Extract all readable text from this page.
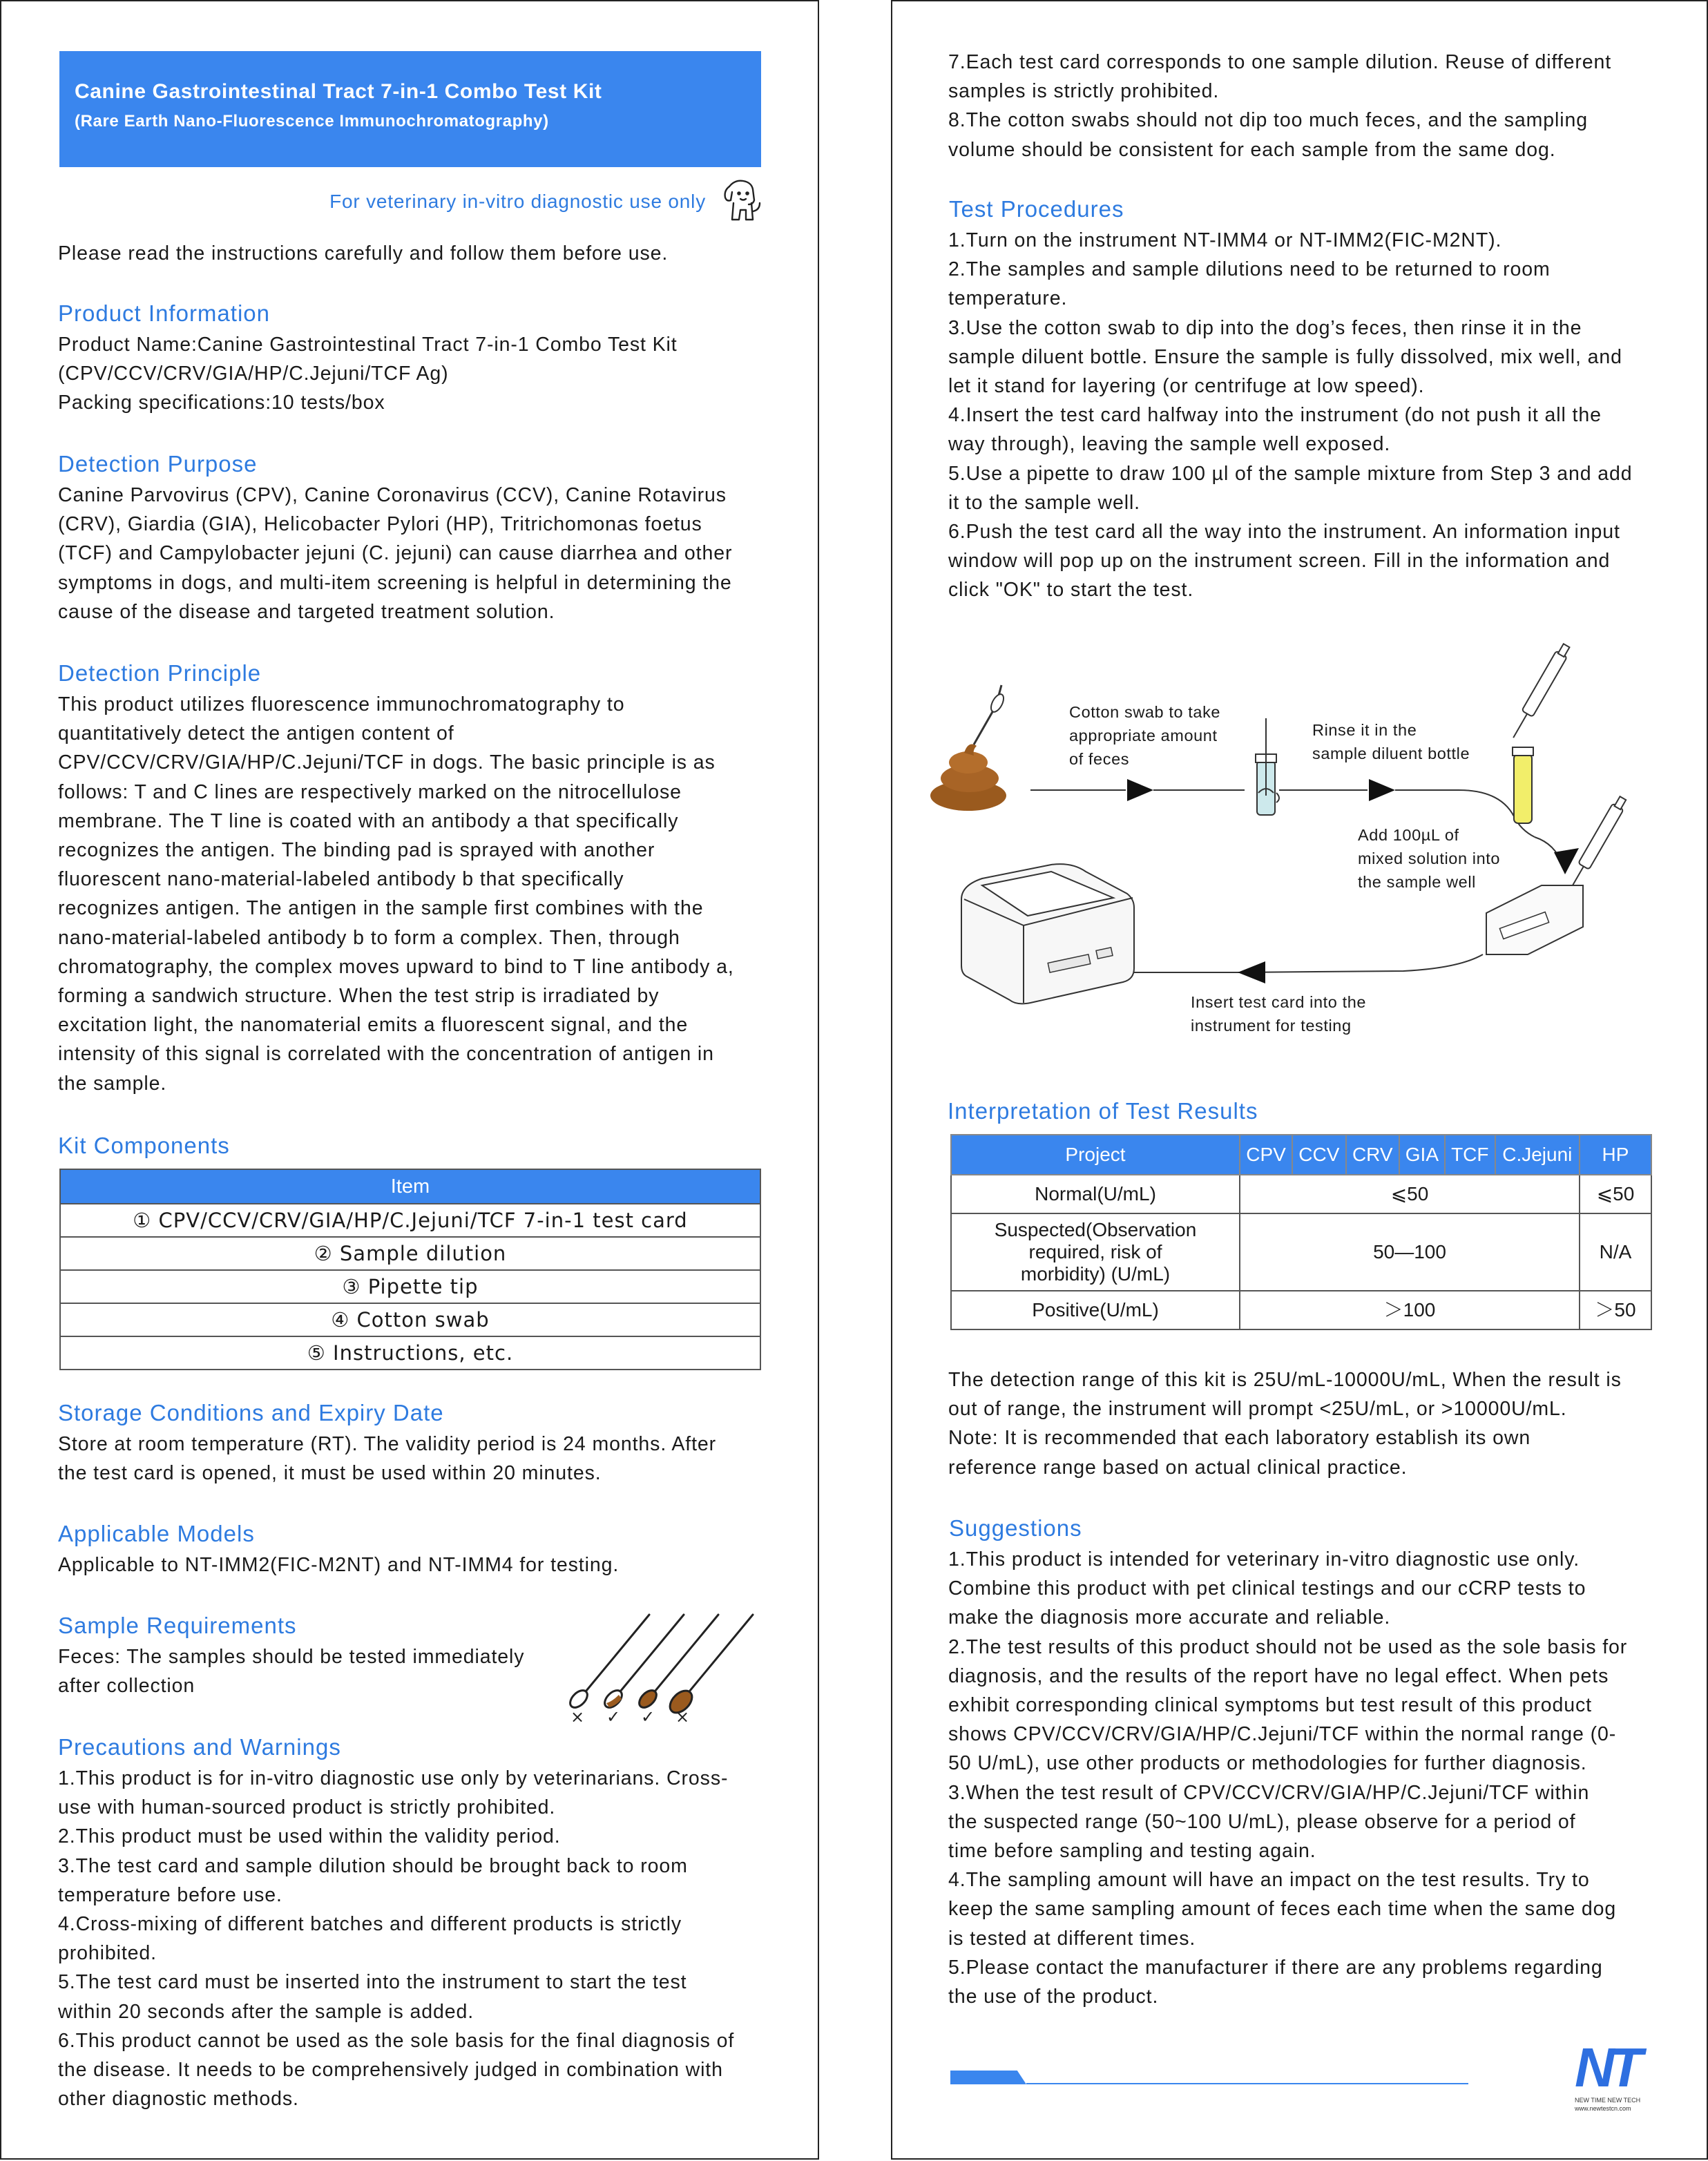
Canine Gastrointestinal Tract 7-in-1 Combo Test Kit
(Rare Earth Nano-Fluorescence Immunochromatography)
For veterinary in-vitro diagnostic use only

Please read the instructions carefully and follow them before use.

Product Information

Product Name:Canine Gastrointestinal Tract 7-in-1 Combo Test Kit
(CPV/CCV/CRV/GIA/HP/C.Jejuni/TCF Ag)
Packing specifications:10 tests/box

Detection Purpose

Canine Parvovirus (CPV), Canine Coronavirus (CCV), Canine Rotavirus
(CRV), Giardia (GIA), Helicobacter Pylori (HP), Tritrichomonas foetus
(TCF) and Campylobacter jejuni (C. jejuni) can cause diarrhea and other
symptoms in dogs, and multi-item screening is helpful in determining the
cause of the disease and targeted treatment solution.

Detection Principle

This product utilizes fluorescence immunochromatography to
quantitatively detect the antigen content of
CPV/CCV/CRV/GIA/HP/C.Jejuni/TCF in dogs. The basic principle is as
follows: T and C lines are respectively marked on the nitrocellulose
membrane. The T line is coated with an antibody a that specifically
recognizes the antigen. The binding pad is sprayed with another
fluorescent nano-material-labeled antibody b that specifically
recognizes antigen. The antigen in the sample first combines with the
nano-material-labeled antibody b to form a complex. Then, through
chromatography, the complex moves upward to bind to T line antibody a,
forming a sandwich structure. When the test strip is irradiated by
excitation light, the nanomaterial emits a fluorescent signal, and the
intensity of this signal is correlated with the concentration of antigen in
the sample.

Kit Components
Item
① CPV/CCV/CRV/GIA/HP/C.Jejuni/TCF 7-in-1 test card
② Sample dilution
③ Pipette tip
④ Cotton swab
⑤ Instructions, etc.
Storage Conditions and Expiry Date

Store at room temperature (RT). The validity period is 24 months. After
the test card is opened, it must be used within 20 minutes.

Applicable Models

Applicable to NT-IMM2(FIC-M2NT) and NT-IMM4 for testing.

Sample Requirements

Feces: The samples should be tested immediately
after collection

× ✓ ✓ ×
Precautions and Warnings

1.This product is for in-vitro diagnostic use only by veterinarians. Cross-
use with human-sourced product is strictly prohibited.
2.This product must be used within the validity period.
3.The test card and sample dilution should be brought back to room
temperature before use.
4.Cross-mixing of different batches and different products is strictly
prohibited.
5.The test card must be inserted into the instrument to start the test
within 20 seconds after the sample is added.
6.This product cannot be used as the sole basis for the final diagnosis of
the disease. It needs to be comprehensively judged in combination with
other diagnostic methods.

7.Each test card corresponds to one sample dilution. Reuse of different
samples is strictly prohibited.
8.The cotton swabs should not dip too much feces, and the sampling
volume should be consistent for each sample from the same dog.

Test Procedures

1.Turn on the instrument NT-IMM4 or NT-IMM2(FIC-M2NT).
2.The samples and sample dilutions need to be returned to room
temperature.
3.Use the cotton swab to dip into the dog’s feces, then rinse it in the
sample diluent bottle. Ensure the sample is fully dissolved, mix well, and
let it stand for layering (or centrifuge at low speed).
4.Insert the test card halfway into the instrument (do not push it all the
way through), leaving the sample well exposed.
5.Use a pipette to draw 100 µl of the sample mixture from Step 3 and add
it to the sample well.
6.Push the test card all the way into the instrument. An information input
window will pop up on the instrument screen. Fill in the information and
click "OK" to start the test.

Cotton swab to take
appropriate amount
of feces
Rinse it in the
sample diluent bottle
Add 100µL of
mixed solution into
the sample well
Insert test card into the
instrument for testing
Interpretation of Test Results
Project	CPV	CCV	CRV	GIA	TCF	C.Jejuni	HP
Normal(U/mL)	⩽50						⩽50
Suspected(Observation
required, risk of
morbidity) (U/mL)	50—100						N/A
Positive(U/mL)	＞100						＞50

The detection range of this kit is 25U/mL-10000U/mL, When the result is
out of range, the instrument will prompt <25U/mL, or >10000U/mL.
Note: It is recommended that each laboratory establish its own
reference range based on actual clinical practice.

Suggestions

1.This product is intended for veterinary in-vitro diagnostic use only.
Combine this product with pet clinical testings and our cCRP tests to
make the diagnosis more accurate and reliable.
2.The test results of this product should not be used as the sole basis for
diagnosis, and the results of the report have no legal effect. When pets
exhibit corresponding clinical symptoms but test result of this product
shows CPV/CCV/CRV/GIA/HP/C.Jejuni/TCF within the normal range (0-
50 U/mL), use other products or methodologies for further diagnosis.
3.When the test result of CPV/CCV/CRV/GIA/HP/C.Jejuni/TCF within
the suspected range (50~100 U/mL), please observe for a period of
time before sampling and testing again.
4.The sampling amount will have an impact on the test results. Try to
keep the same sampling amount of feces each time when the same dog
is tested at different times.
5.Please contact the manufacturer if there are any problems regarding
the use of the product.

NT
NEW TIME NEW TECH
www.newtestcn.com
